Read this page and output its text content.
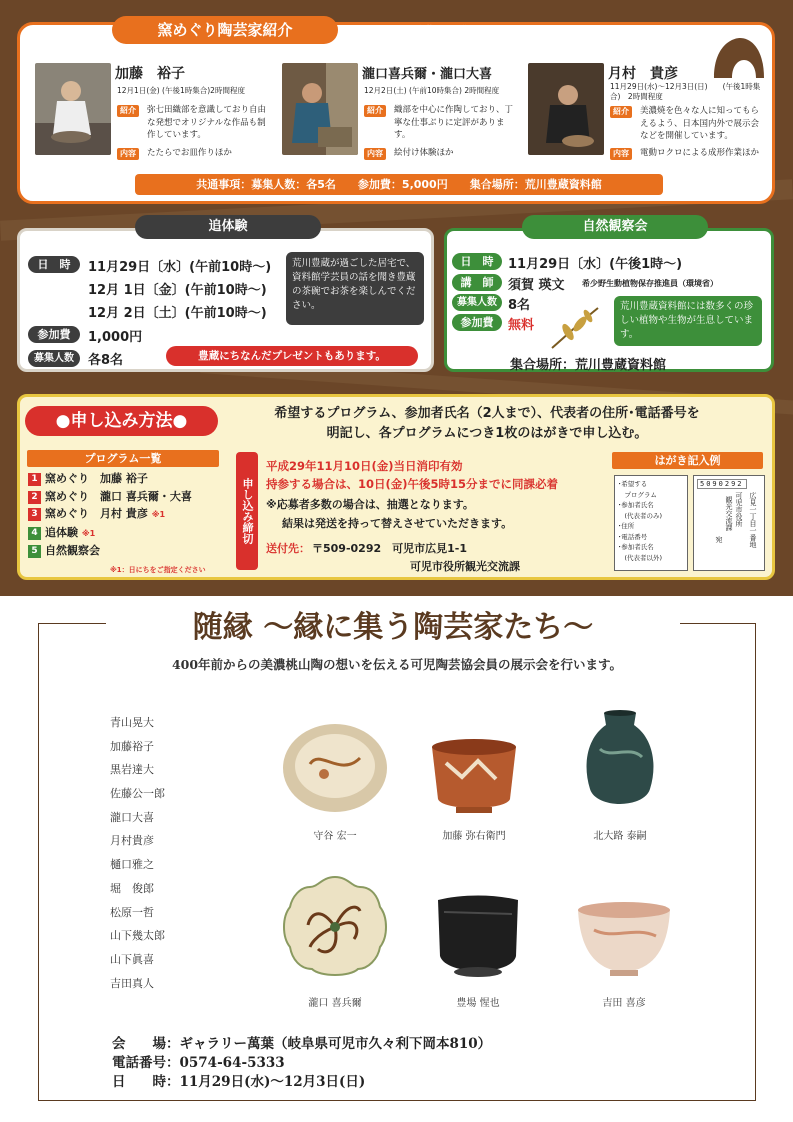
窯めぐり陶芸家紹介	可児市で活躍する陶芸家の製作現場を巡ることが出来ます。
加藤　裕子
12月1日(金) (午後1時集合)2時間程度
紹介	弥七田織部を意識しており自由な発想でオリジナルな作品も制作しています。
内容	たたらでお皿作りほか
瀧口喜兵爾・瀧口大喜
12月2日(土) (午前10時集合) 2時間程度
紹介	織部を中心に作陶しており、丁寧な仕事ぶりに定評があります。
内容	絵付け体験ほか
月村　貴彦
11月29日(水)～12月3日(日)　　(午後1時集合)　2時間程度
紹介	美濃焼を色々な人に知ってもらえるよう、日本国内外で展示会などを開催しています。
内容	電動ロクロによる成形作業ほか
共通事項：募集人数：各5名　　参加費：5,000円　　集合場所：荒川豊蔵資料館
追体験
日　時	11月29日〔水〕(午前10時～)
12月 1日〔金〕(午前10時～)
12月 2日〔土〕(午前10時～)
参加費	1,000円
募集人数	各8名
荒川豊蔵が過ごした居宅で、資料館学芸員の話を聞き豊蔵の茶碗でお茶を楽しんでください。
豊蔵にちなんだプレゼントもあります。
自然観察会
日　時	11月29日〔水〕(午後1時～)
講　師	須賀 瑛文 希少野生動植物保存推進員（環境省）
募集人数 8名
参加費	無料
荒川豊蔵資料館には数多くの珍しい植物や生物が生息しています。
集合場所：荒川豊蔵資料館
●申し込み方法●	希望するプログラム、参加者氏名（2人まで）、代表者の住所･電話番号を
明記し、各プログラムにつき1枚のはがきで申し込む。
プログラム一覧
1 窯めぐり　加藤 裕子
2 窯めぐり　瀧口 喜兵爾・大喜
3 窯めぐり　月村 貴彦 ※1
4 追体験 ※1
5 自然観察会
※1：日にちをご指定ください
申し込み締切
平成29年11月10日(金)当日消印有効
持参する場合は、10日(金)午後5時15分までに同課必着
※応募者多数の場合は、抽選となります。
結果は発送を持って替えさせていただきます。
送付先： 〒509-0292　可児市広見1-1
可児市役所観光交流課
はがき記入例
･希望する
　プログラム
･参加者氏名
　(代表者のみ)
･住所
･電話番号
･参加者氏名
　(代表者以外)
5090292
広見一丁目一番地
可児市役所
観光交流課
宛
随縁 ～縁に集う陶芸家たち～
400年前からの美濃桃山陶の想いを伝える可児陶芸協会員の展示会を行います。
青山晃大
加藤裕子
黒岩達大
佐藤公一郎
瀧口大喜
月村貴彦
樋口雅之
堀　俊郎
松原一哲
山下幾太郎
山下眞喜
吉田真人
守谷 宏一	加藤 弥右衛門	北大路 泰嗣
瀧口 喜兵爾	豊場 惺也	吉田 喜彦
会　　場：ギャラリー萬葉（岐阜県可児市久々利下岡本810）
電話番号：0574-64-5333
日　　時：11月29日(水)～12月3日(日)
